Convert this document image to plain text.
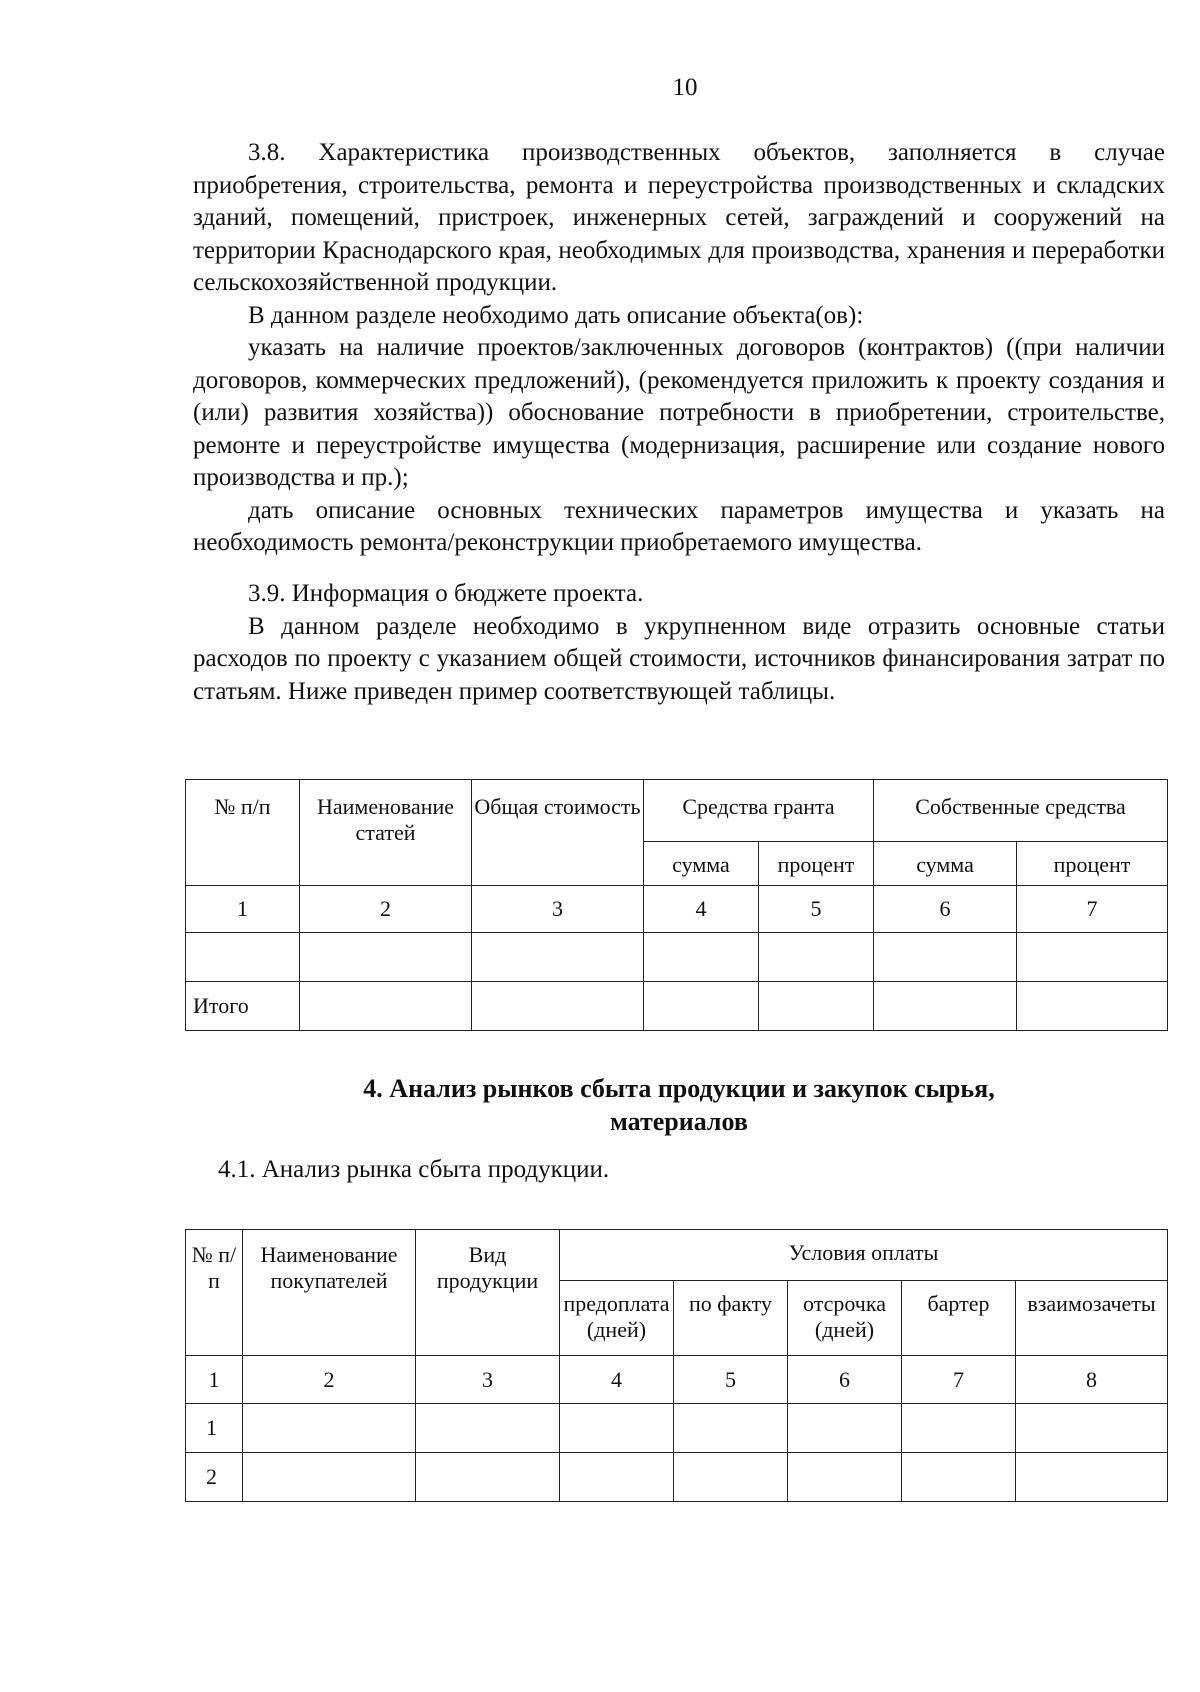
10

3.8. Характеристика производственных объектов, заполняется в случае приобретения, строительства, ремонта и переустройства производственных и складских зданий, помещений, пристроек, инженерных сетей, заграждений и сооружений на территории Краснодарского края, необходимых для производства, хранения и переработки сельскохозяйственной продукции.

В данном разделе необходимо дать описание объекта(ов):

указать на наличие проектов/заключенных договоров (контрактов) ((при наличии договоров, коммерческих предложений), (рекомендуется приложить к проекту создания и (или) развития хозяйства)) обоснование потребности в приобретении, строительстве, ремонте и переустройстве имущества (модернизация, расширение или создание нового производства и пр.);

дать описание основных технических параметров имущества и указать на необходимость ремонта/реконструкции приобретаемого имущества.

3.9. Информация о бюджете проекта.

В данном разделе необходимо в укрупненном виде отразить основные статьи расходов по проекту с указанием общей стоимости, источников финансирования затрат по статьям. Ниже приведен пример соответствующей таблицы.

№ п/п	Наименование статей	Общая стоимость	Средства гранта		Собственные средства	
			сумма	процент	сумма	процент
1	2	3	4	5	6	7

Итого						
4. Анализ рынков сбыта продукции и закупок сырья,
материалов
4.1. Анализ рынка сбыта продукции.
№ п/п	Наименование покупателей	Вид продукции	Условия оплаты				
			предоплата (дней)	по факту	отсрочка (дней)	бартер	взаимозачеты
1	2	3	4	5	6	7	8
1							
2							
